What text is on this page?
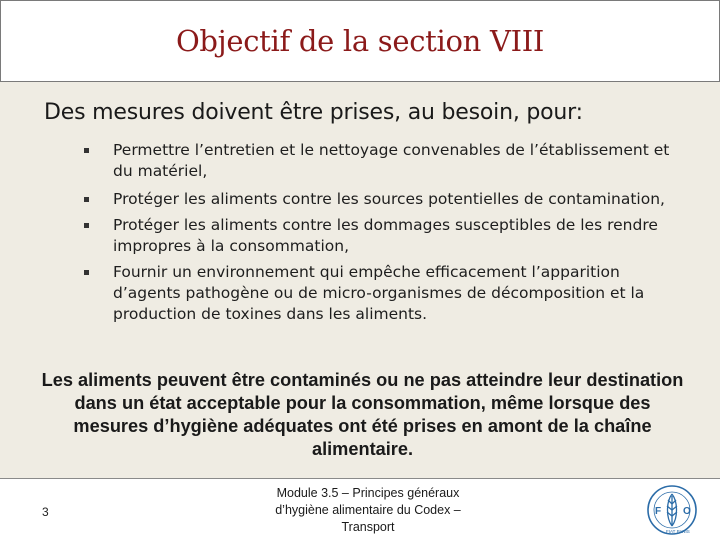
Objectif de la section VIII

Des mesures doivent être prises, au besoin, pour:

Permettre l’entretien et le nettoyage convenables de l’établissement et du matériel,
Protéger les aliments contre les sources potentielles de contamination,
Protéger les aliments contre les dommages susceptibles de les rendre impropres à la consommation,
Fournir un environnement qui empêche efficacement l’apparition d’agents pathogène ou de micro-organismes de décomposition et la production de toxines dans les aliments.

Les aliments peuvent être contaminés ou ne pas atteindre leur destination dans un état acceptable pour la consommation, même lorsque des mesures d’hygiène adéquates ont été prises en amont de la chaîne alimentaire.

3
Module 3.5 – Principes généraux
d’hygiène alimentaire du Codex –
Transport
F O
FIAT PANIS
